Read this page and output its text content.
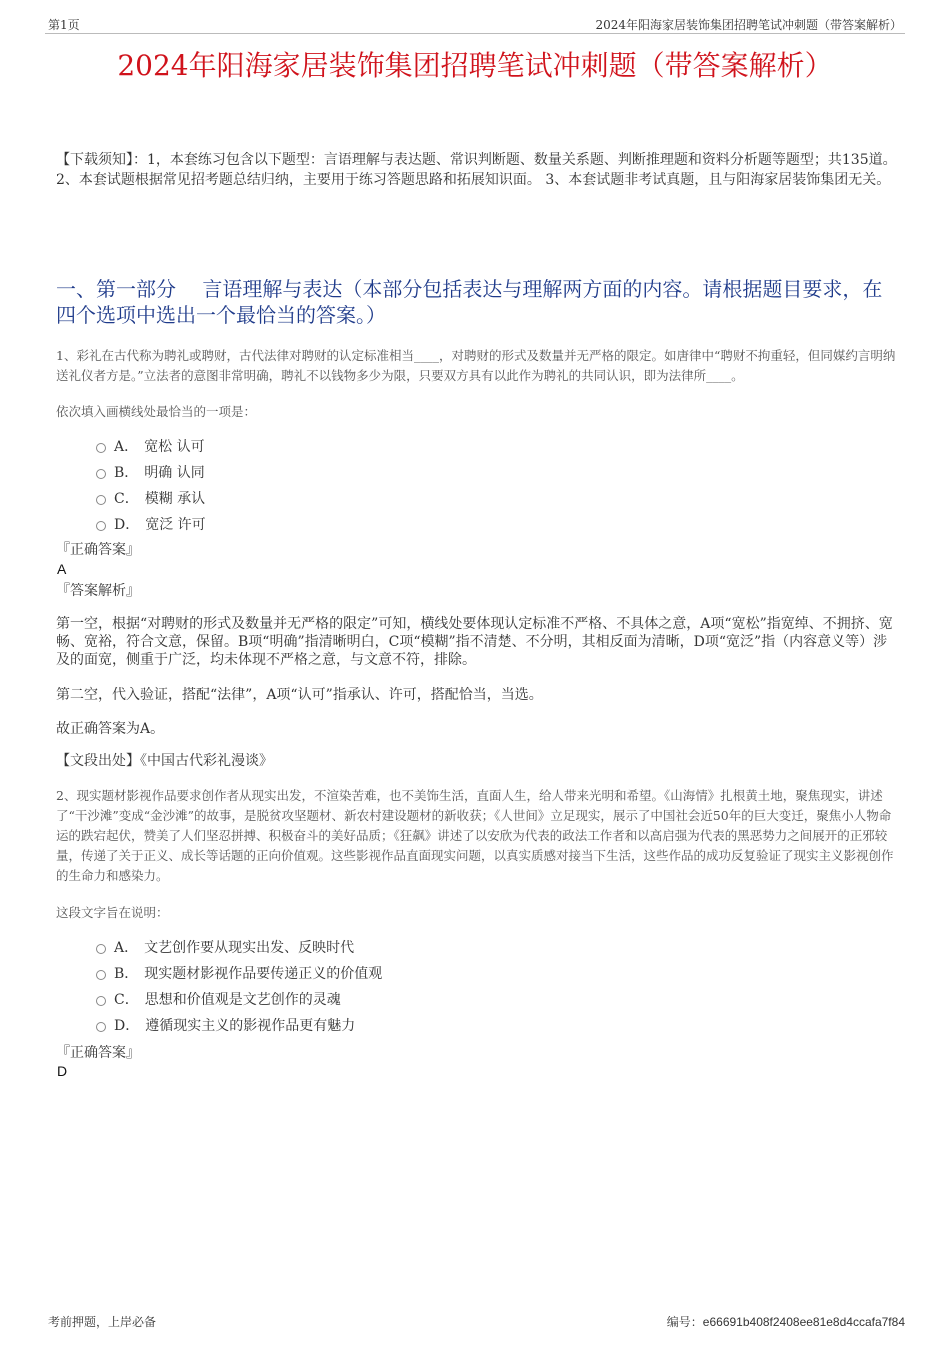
第1页	2024年阳海家居装饰集团招聘笔试冲刺题（带答案解析）
2024年阳海家居装饰集团招聘笔试冲刺题（带答案解析）
【下载须知】：1，本套练习包含以下题型：言语理解与表达题、常识判断题、数量关系题、判断推理题和资料分析题等题型；共135道。 2、本套试题根据常见招考题总结归纳，主要用于练习答题思路和拓展知识面。 3、本套试题非考试真题，且与阳海家居装饰集团无关。
一、第一部分　 言语理解与表达（本部分包括表达与理解两方面的内容。请根据题目要求，在四个选项中选出一个最恰当的答案。）
1、彩礼在古代称为聘礼或聘财，古代法律对聘财的认定标准相当____，对聘财的形式及数量并无严格的限定。如唐律中“聘财不拘重轻，但同媒约言明纳送礼仪者方是。”立法者的意图非常明确，聘礼不以钱物多少为限，只要双方具有以此作为聘礼的共同认识，即为法律所____。
依次填入画横线处最恰当的一项是：
A． 宽松 认可
B． 明确 认同
C． 模糊 承认
D． 宽泛 许可
『正确答案』
A
『答案解析』
第一空，根据“对聘财的形式及数量并无严格的限定”可知，横线处要体现认定标准不严格、不具体之意，A项“宽松”指宽绰、不拥挤、宽畅、宽裕，符合文意，保留。B项“明确”指清晰明白，C项“模糊”指不清楚、不分明，其相反面为清晰，D项“宽泛”指（内容意义等）涉及的面宽，侧重于广泛，均未体现不严格之意，与文意不符，排除。
第二空，代入验证，搭配“法律”，A项“认可”指承认、许可，搭配恰当，当选。
故正确答案为A。
【文段出处】《中国古代彩礼漫谈》
2、现实题材影视作品要求创作者从现实出发，不渲染苦难，也不美饰生活，直面人生，给人带来光明和希望。《山海情》扎根黄土地，聚焦现实，讲述了“干沙滩”变成“金沙滩”的故事，是脱贫攻坚题材、新农村建设题材的新收获；《人世间》立足现实，展示了中国社会近50年的巨大变迁，聚焦小人物命运的跌宕起伏，赞美了人们坚忍拼搏、积极奋斗的美好品质；《狂飙》讲述了以安欣为代表的政法工作者和以高启强为代表的黑恶势力之间展开的正邪较量，传递了关于正义、成长等话题的正向价值观。这些影视作品直面现实问题，以真实质感对接当下生活，这些作品的成功反复验证了现实主义影视创作的生命力和感染力。
这段文字旨在说明：
A． 文艺创作要从现实出发、反映时代
B． 现实题材影视作品要传递正义的价值观
C． 思想和价值观是文艺创作的灵魂
D． 遵循现实主义的影视作品更有魅力
『正确答案』
D
考前押题，上岸必备	编号：e66691b408f2408ee81e8d4ccafa7f84
